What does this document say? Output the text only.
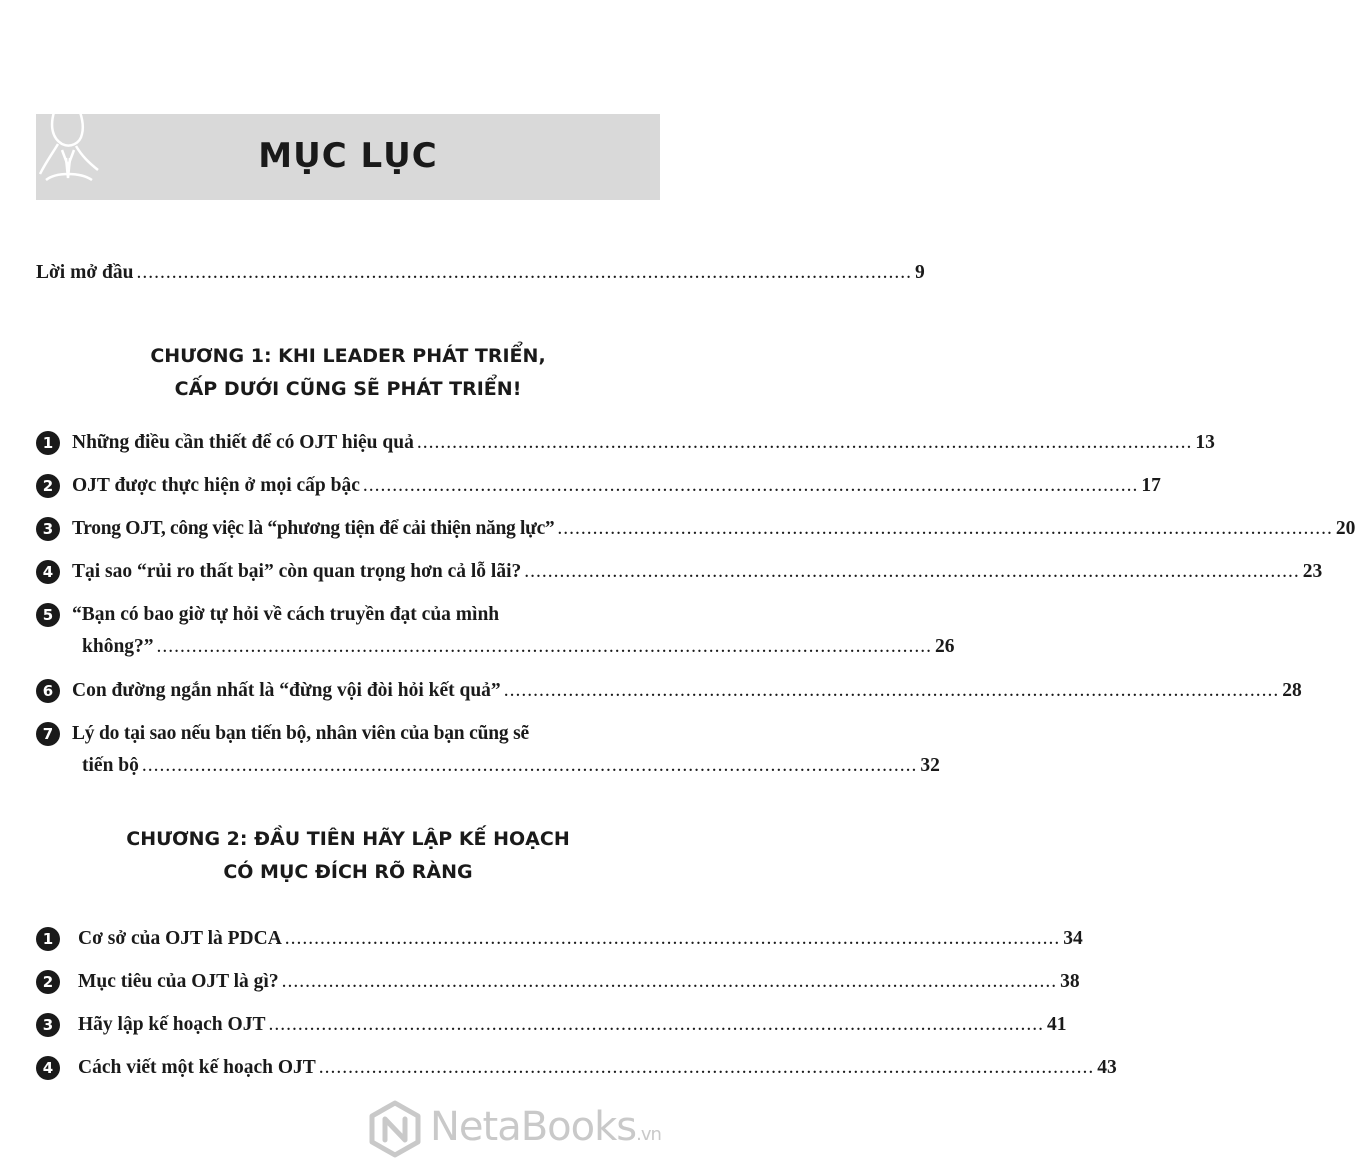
MỤC LỤC
Lời mở đầu .................................................................................................................................... 9
CHƯƠNG 1: KHI LEADER PHÁT TRIỂN,
CẤP DƯỚI CŨNG SẼ PHÁT TRIỂN!
1 Những điều cần thiết để có OJT hiệu quả .................................................................................................................................... 13
2 OJT được thực hiện ở mọi cấp bậc .................................................................................................................................... 17
3 Trong OJT, công việc là “phương tiện để cải thiện năng lực” .................................................................................................................................... 20
4 Tại sao “rủi ro thất bại” còn quan trọng hơn cả lỗ lãi? .................................................................................................................................... 23
5 “Bạn có bao giờ tự hỏi về cách truyền đạt của mình
không?” .................................................................................................................................... 26
6 Con đường ngắn nhất là “đừng vội đòi hỏi kết quả” .................................................................................................................................... 28
7 Lý do tại sao nếu bạn tiến bộ, nhân viên của bạn cũng sẽ
tiến bộ .................................................................................................................................... 32
CHƯƠNG 2: ĐẦU TIÊN HÃY LẬP KẾ HOẠCH
CÓ MỤC ĐÍCH RÕ RÀNG
1	Cơ sở của OJT là PDCA .................................................................................................................................... 34
2	Mục tiêu của OJT là gì? .................................................................................................................................... 38
3	Hãy lập kế hoạch OJT .................................................................................................................................... 41
4	Cách viết một kế hoạch OJT .................................................................................................................................... 43
NetaBooks.vn
